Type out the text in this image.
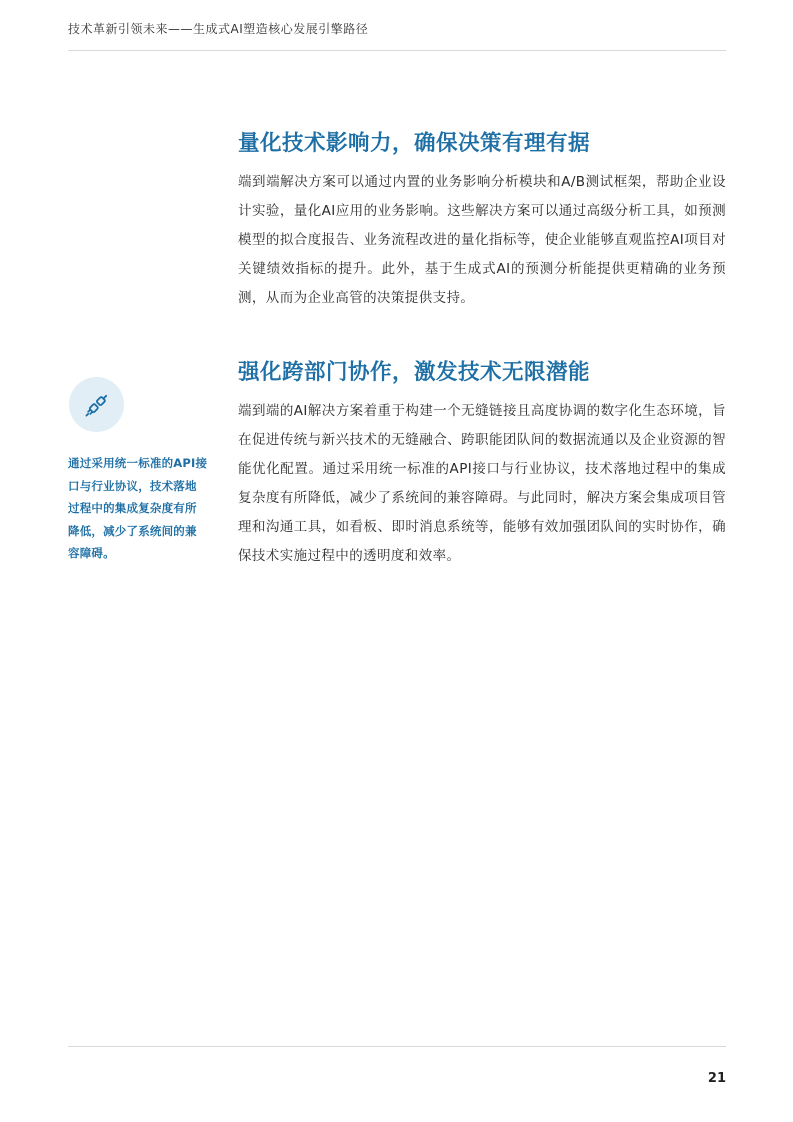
技术革新引领未来——生成式AI塑造核心发展引擎路径
量化技术影响力，确保决策有理有据

端到端解决方案可以通过内置的业务影响分析模块和A/B测试框架，帮助企业设计实验，量化AI应用的业务影响。这些解决方案可以通过高级分析工具，如预测模型的拟合度报告、业务流程改进的量化指标等，使企业能够直观监控AI项目对关键绩效指标的提升。此外，基于生成式AI的预测分析能提供更精确的业务预测，从而为企业高管的决策提供支持。

通过采用统一标准的API接口与行业协议，技术落地过程中的集成复杂度有所降低，减少了系统间的兼容障碍。

强化跨部门协作，激发技术无限潜能

端到端的AI解决方案着重于构建一个无缝链接且高度协调的数字化生态环境，旨在促进传统与新兴技术的无缝融合、跨职能团队间的数据流通以及企业资源的智能优化配置。通过采用统一标准的API接口与行业协议，技术落地过程中的集成复杂度有所降低，减少了系统间的兼容障碍。与此同时，解决方案会集成项目管理和沟通工具，如看板、即时消息系统等，能够有效加强团队间的实时协作，确保技术实施过程中的透明度和效率。

21
